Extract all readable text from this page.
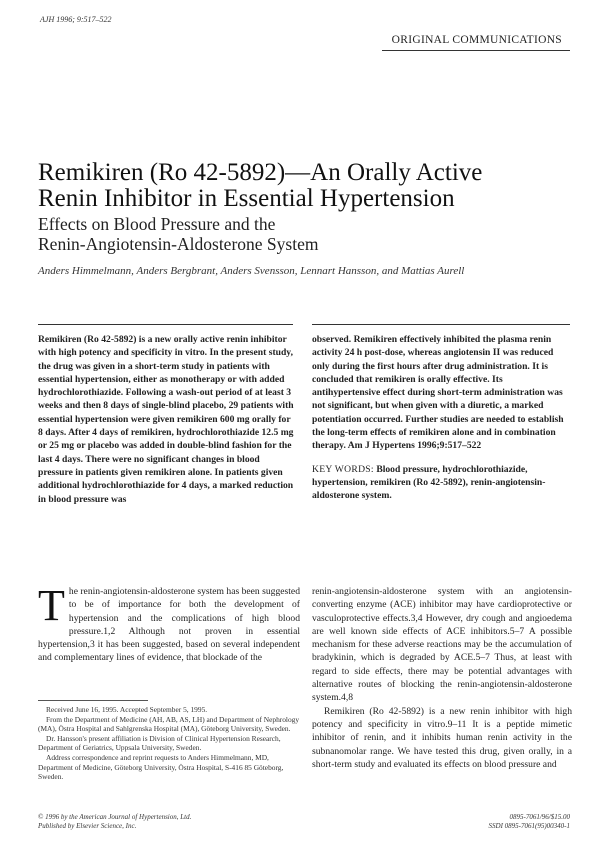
AJH 1996; 9:517–522
ORIGINAL COMMUNICATIONS
Remikiren (Ro 42-5892)—An Orally Active
Renin Inhibitor in Essential Hypertension
Effects on Blood Pressure and the
Renin-Angiotensin-Aldosterone System
Anders Himmelmann, Anders Bergbrant, Anders Svensson, Lennart Hansson, and Mattias Aurell

Remikiren (Ro 42-5892) is a new orally active renin inhibitor with high potency and specificity in vitro. In the present study, the drug was given in a short-term study in patients with essential hypertension, either as monotherapy or with added hydrochlorothiazide. Following a wash-out period of at least 3 weeks and then 8 days of single-blind placebo, 29 patients with essential hypertension were given remikiren 600 mg orally for 8 days. After 4 days of remikiren, hydrochlorothiazide 12.5 mg or 25 mg or placebo was added in double-blind fashion for the last 4 days. There were no significant changes in blood pressure in patients given remikiren alone. In patients given additional hydrochlorothiazide for 4 days, a marked reduction in blood pressure was

observed. Remikiren effectively inhibited the plasma renin activity 24 h post-dose, whereas angiotensin II was reduced only during the first hours after drug administration. It is concluded that remikiren is orally effective. Its antihypertensive effect during short-term administration was not significant, but when given with a diuretic, a marked potentiation occurred. Further studies are needed to establish the long-term effects of remikiren alone and in combination therapy. Am J Hypertens 1996;9:517–522

KEY WORDS: Blood pressure, hydrochlorothiazide, hypertension, remikiren (Ro 42-5892), renin-angiotensin-aldosterone system.

T he renin-angiotensin-aldosterone system has been suggested to be of importance for both the development of hypertension and the complications of high blood pressure.1,2 Although not proven in essential hypertension,3 it has been suggested, based on several independent and complementary lines of evidence, that blockade of the

Received June 16, 1995. Accepted September 5, 1995.

From the Department of Medicine (AH, AB, AS, LH) and Department of Nephrology (MA), Östra Hospital and Sahlgrenska Hospital (MA), Göteborg University, Sweden.

Dr. Hansson's present affiliation is Division of Clinical Hypertension Research, Department of Geriatrics, Uppsala University, Sweden.

Address correspondence and reprint requests to Anders Himmelmann, MD, Department of Medicine, Göteborg University, Östra Hospital, S-416 85 Göteborg, Sweden.

renin-angiotensin-aldosterone system with an angiotensin-converting enzyme (ACE) inhibitor may have cardioprotective or vasculoprotective effects.3,4 However, dry cough and angioedema are well known side effects of ACE inhibitors.5–7 A possible mechanism for these adverse reactions may be the accumulation of bradykinin, which is degraded by ACE.5–7 Thus, at least with regard to side effects, there may be potential advantages with alternative routes of blocking the renin-angiotensin-aldosterone system.4,8

Remikiren (Ro 42-5892) is a new renin inhibitor with high potency and specificity in vitro.9–11 It is a peptide mimetic inhibitor of renin, and it inhibits human renin activity in the subnanomolar range. We have tested this drug, given orally, in a short-term study and evaluated its effects on blood pressure and

© 1996 by the American Journal of Hypertension, Ltd.
Published by Elsevier Science, Inc.
0895-7061/96/$15.00
SSDI 0895-7061(95)00340-1
